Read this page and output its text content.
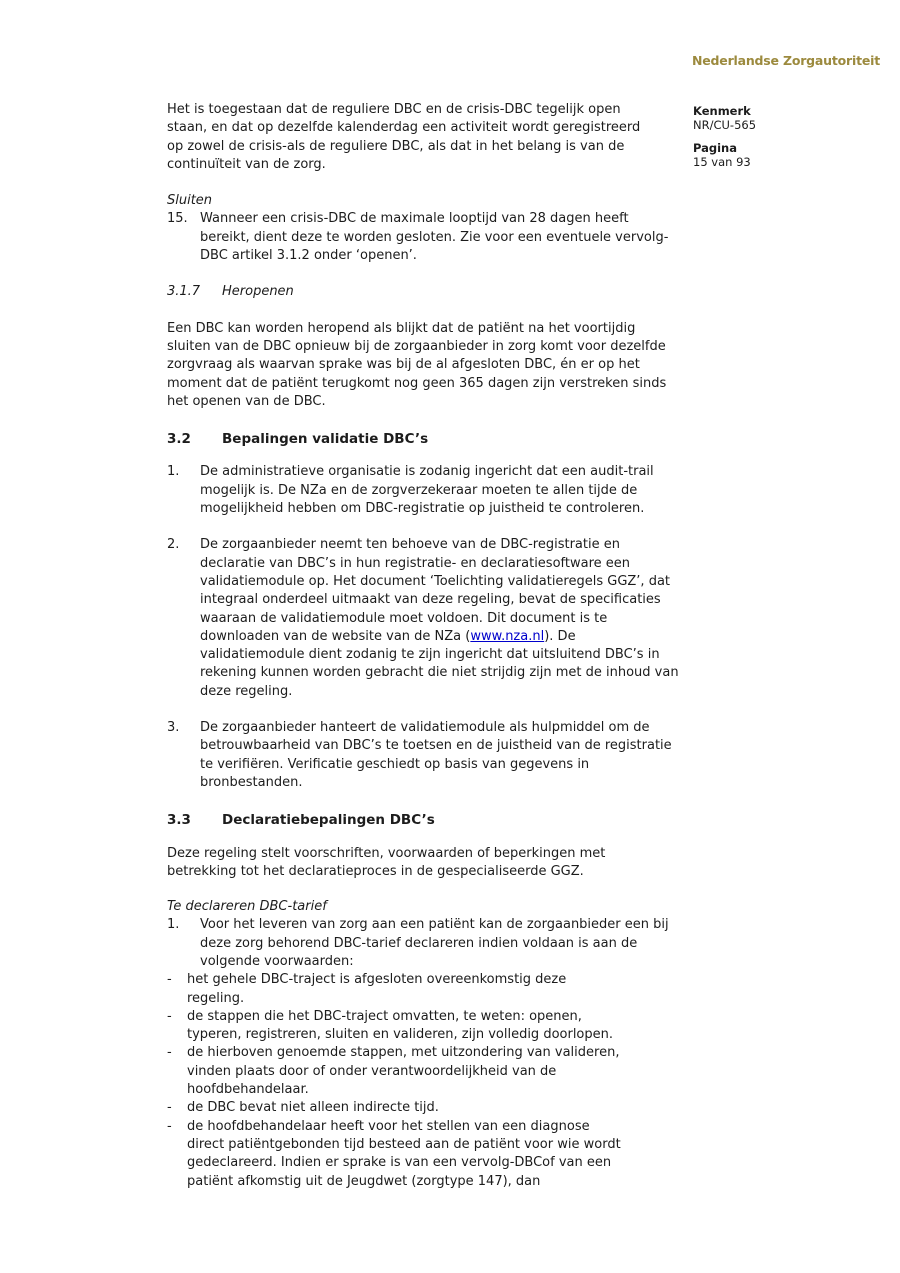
Nederlandse Zorgautoriteit
Kenmerk
NR/CU-565
Pagina
15 van 93
Het is toegestaan dat de reguliere DBC en de crisis-DBC tegelijk open staan, en dat op dezelfde kalenderdag een activiteit wordt geregistreerd op zowel de crisis-als de reguliere DBC, als dat in het belang is van de continuïteit van de zorg.
Sluiten
15. Wanneer een crisis-DBC de maximale looptijd van 28 dagen heeft bereikt, dient deze te worden gesloten. Zie voor een eventuele vervolg-DBC artikel 3.1.2 onder ‘openen’.
3.1.7	Heropenen
Een DBC kan worden heropend als blijkt dat de patiënt na het voortijdig sluiten van de DBC opnieuw bij de zorgaanbieder in zorg komt voor dezelfde zorgvraag als waarvan sprake was bij de al afgesloten DBC, én er op het moment dat de patiënt terugkomt nog geen 365 dagen zijn verstreken sinds het openen van de DBC.
3.2	Bepalingen validatie DBC’s
1.	De administratieve organisatie is zodanig ingericht dat een audit-trail mogelijk is. De NZa en de zorgverzekeraar moeten te allen tijde de mogelijkheid hebben om DBC-registratie op juistheid te controleren.
2.	De zorgaanbieder neemt ten behoeve van de DBC-registratie en declaratie van DBC’s in hun registratie- en declaratiesoftware een validatiemodule op. Het document ‘Toelichting validatieregels GGZ’, dat integraal onderdeel uitmaakt van deze regeling, bevat de specificaties waaraan de validatiemodule moet voldoen. Dit document is te downloaden van de website van de NZa (www.nza.nl). De validatiemodule dient zodanig te zijn ingericht dat uitsluitend DBC’s in rekening kunnen worden gebracht die niet strijdig zijn met de inhoud van deze regeling.
3.	De zorgaanbieder hanteert de validatiemodule als hulpmiddel om de betrouwbaarheid van DBC’s te toetsen en de juistheid van de registratie te verifiëren. Verificatie geschiedt op basis van gegevens in bronbestanden.
3.3	Declaratiebepalingen DBC’s
Deze regeling stelt voorschriften, voorwaarden of beperkingen met betrekking tot het declaratieproces in de gespecialiseerde GGZ.
Te declareren DBC-tarief
1.	Voor het leveren van zorg aan een patiënt kan de zorgaanbieder een bij deze zorg behorend DBC-tarief declareren indien voldaan is aan de volgende voorwaarden:
-	het gehele DBC-traject is afgesloten overeenkomstig deze regeling.
-	de stappen die het DBC-traject omvatten, te weten: openen, typeren, registreren, sluiten en valideren, zijn volledig doorlopen.
-	de hierboven genoemde stappen, met uitzondering van valideren, vinden plaats door of onder verantwoordelijkheid van de hoofdbehandelaar.
-	de DBC bevat niet alleen indirecte tijd.
-	de hoofdbehandelaar heeft voor het stellen van een diagnose direct patiëntgebonden tijd besteed aan de patiënt voor wie wordt gedeclareerd. Indien er sprake is van een vervolg-DBCof van een patiënt afkomstig uit de Jeugdwet (zorgtype 147), dan
